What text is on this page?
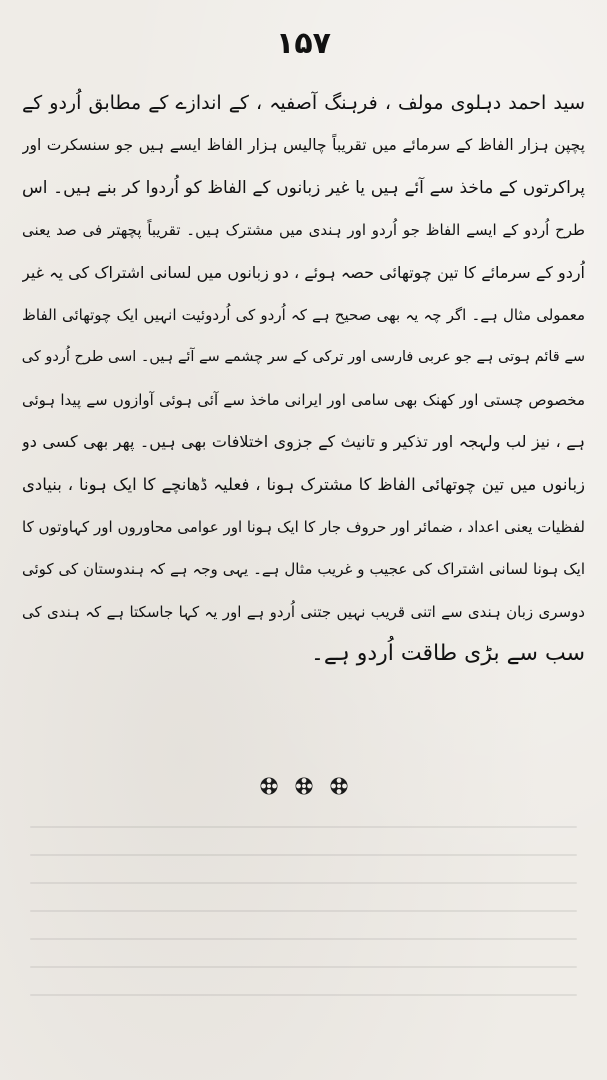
۱۵۷
سید احمد دہلوی مولف ، فرہنگ آصفیہ ، کے اندازے کے مطابق اُردو کے
پچپن ہزار الفاظ کے سرمائے میں تقریباً چالیس ہزار الفاظ ایسے ہیں جو سنسکرت اور
پراکرتوں کے ماخذ سے آئے ہیں یا غیر زبانوں کے الفاظ کو اُردوا کر بنے ہیں۔ اس
طرح اُردو کے ایسے الفاظ جو اُردو اور ہندی میں مشترک ہیں۔ تقریباً پچھتر فی صد یعنی
اُردو کے سرمائے کا تین چوتھائی حصہ ہوئے ، دو زبانوں میں لسانی اشتراک کی یہ غیر
معمولی مثال ہے۔ اگر چہ یہ بھی صحیح ہے کہ اُردو کی اُردوئیت انہیں ایک چوتھائی الفاظ
سے قائم ہوتی ہے جو عربی فارسی اور ترکی کے سر چشمے سے آئے ہیں۔ اسی طرح اُردو کی
مخصوص چستی اور کھنک بھی سامی اور ایرانی ماخذ سے آئی ہوئی آوازوں سے پیدا ہوئی
ہے ، نیز لب ولہجہ اور تذکیر و تانیث کے جزوی اختلافات بھی ہیں۔ پھر بھی کسی دو
زبانوں میں تین چوتھائی الفاظ کا مشترک ہونا ، فعلیہ ڈھانچے کا ایک ہونا ، بنیادی
لفظیات یعنی اعداد ، ضمائر اور حروف جار کا ایک ہونا اور عوامی محاوروں اور کہاوتوں کا
ایک ہونا لسانی اشتراک کی عجیب و غریب مثال ہے۔ یہی وجہ ہے کہ ہندوستان کی کوئی
دوسری زبان ہندی سے اتنی قریب نہیں جتنی اُردو ہے اور یہ کہا جاسکتا ہے کہ ہندی کی
سب سے بڑی طاقت اُردو ہے۔
